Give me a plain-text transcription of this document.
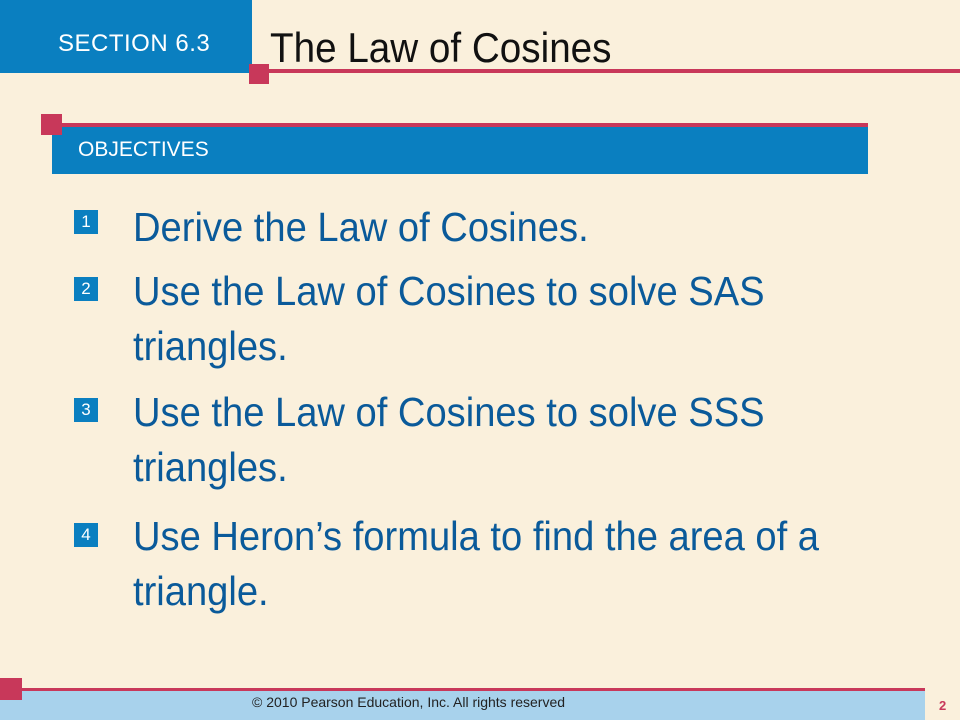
SECTION 6.3 The Law of Cosines
OBJECTIVES
1 Derive the Law of Cosines.
2 Use the Law of Cosines to solve SAS triangles.
3 Use the Law of Cosines to solve SSS triangles.
4 Use Heron’s formula to find the area of a triangle.
© 2010 Pearson Education, Inc. All rights reserved	2
